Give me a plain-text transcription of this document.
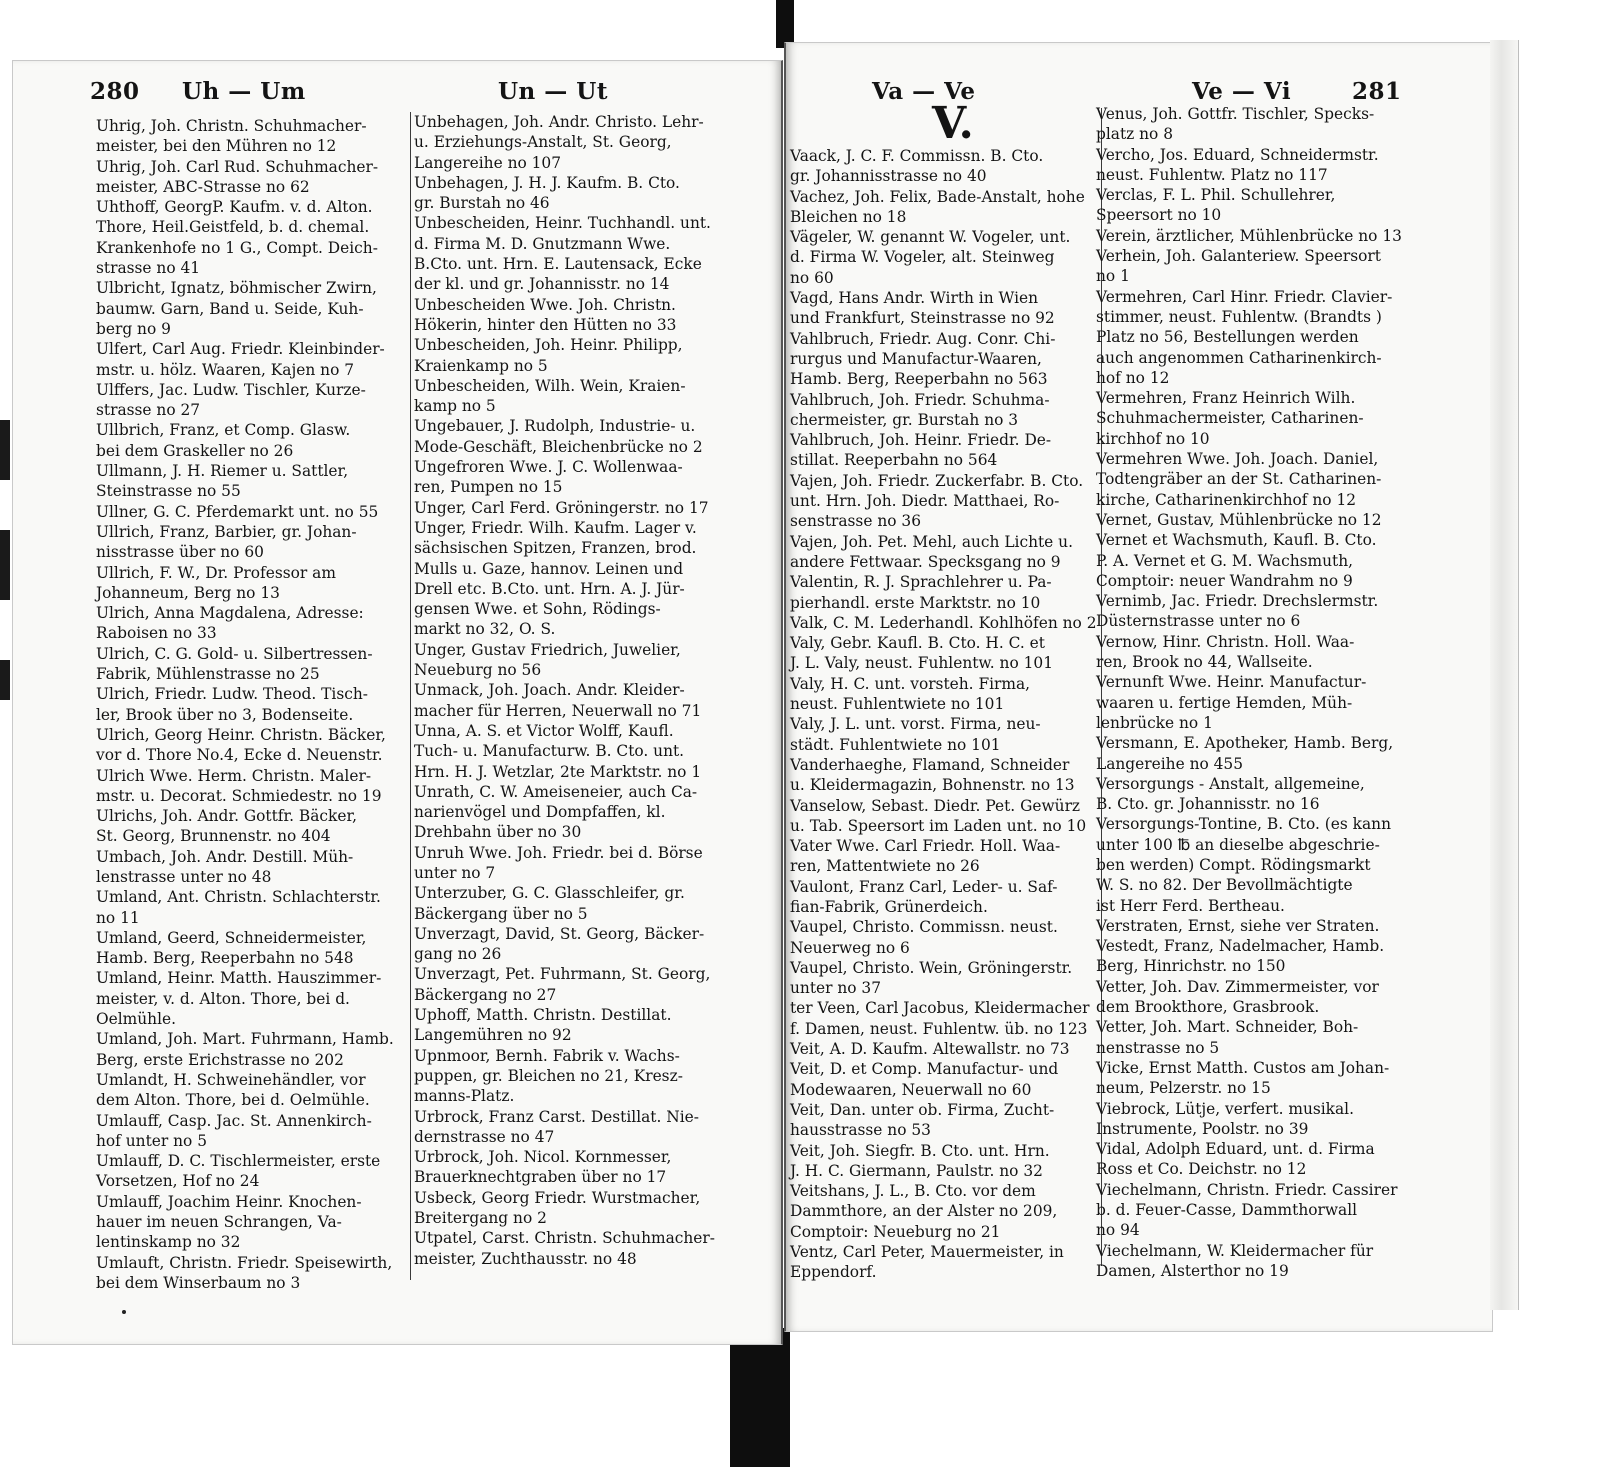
280 Uh — Um	Un — Ut	Va — Ve	Ve — Vi	281
V.
Uhrig, Joh. Christn. Schuhmacher-
meister, bei den Mühren no 12
Uhrig, Joh. Carl Rud. Schuhmacher-
meister, ABC-Strasse no 62
Uhthoff, GeorgP. Kaufm. v. d. Alton.
Thore, Heil.Geistfeld, b. d. chemal.
Krankenhofe no 1 G., Compt. Deich-
strasse no 41
Ulbricht, Ignatz, böhmischer Zwirn,
baumw. Garn, Band u. Seide, Kuh-
berg no 9
Ulfert, Carl Aug. Friedr. Kleinbinder-
mstr. u. hölz. Waaren, Kajen no 7
Ulffers, Jac. Ludw. Tischler, Kurze-
strasse no 27
Ullbrich, Franz, et Comp. Glasw.
bei dem Graskeller no 26
Ullmann, J. H. Riemer u. Sattler,
Steinstrasse no 55
Ullner, G. C. Pferdemarkt unt. no 55
Ullrich, Franz, Barbier, gr. Johan-
nisstrasse über no 60
Ullrich, F. W., Dr. Professor am
Johanneum, Berg no 13
Ulrich, Anna Magdalena, Adresse:
Raboisen no 33
Ulrich, C. G. Gold- u. Silbertressen-
Fabrik, Mühlenstrasse no 25
Ulrich, Friedr. Ludw. Theod. Tisch-
ler, Brook über no 3, Bodenseite.
Ulrich, Georg Heinr. Christn. Bäcker,
vor d. Thore No.4, Ecke d. Neuenstr.
Ulrich Wwe. Herm. Christn. Maler-
mstr. u. Decorat. Schmiedestr. no 19
Ulrichs, Joh. Andr. Gottfr. Bäcker,
St. Georg, Brunnenstr. no 404
Umbach, Joh. Andr. Destill. Müh-
lenstrasse unter no 48
Umland, Ant. Christn. Schlachterstr.
no 11
Umland, Geerd, Schneidermeister,
Hamb. Berg, Reeperbahn no 548
Umland, Heinr. Matth. Hauszimmer-
meister, v. d. Alton. Thore, bei d.
Oelmühle.
Umland, Joh. Mart. Fuhrmann, Hamb.
Berg, erste Erichstrasse no 202
Umlandt, H. Schweinehändler, vor
dem Alton. Thore, bei d. Oelmühle.
Umlauff, Casp. Jac. St. Annenkirch-
hof unter no 5
Umlauff, D. C. Tischlermeister, erste
Vorsetzen, Hof no 24
Umlauff, Joachim Heinr. Knochen-
hauer im neuen Schrangen, Va-
lentinskamp no 32
Umlauft, Christn. Friedr. Speisewirth,
bei dem Winserbaum no 3
Unbehagen, Joh. Andr. Christo. Lehr-
u. Erziehungs-Anstalt, St. Georg,
Langereihe no 107
Unbehagen, J. H. J. Kaufm. B. Cto.
gr. Burstah no 46
Unbescheiden, Heinr. Tuchhandl. unt.
d. Firma M. D. Gnutzmann Wwe.
B.Cto. unt. Hrn. E. Lautensack, Ecke
der kl. und gr. Johannisstr. no 14
Unbescheiden Wwe. Joh. Christn.
Hökerin, hinter den Hütten no 33
Unbescheiden, Joh. Heinr. Philipp,
Kraienkamp no 5
Unbescheiden, Wilh. Wein, Kraien-
kamp no 5
Ungebauer, J. Rudolph, Industrie- u.
Mode-Geschäft, Bleichenbrücke no 2
Ungefroren Wwe. J. C. Wollenwaa-
ren, Pumpen no 15
Unger, Carl Ferd. Gröningerstr. no 17
Unger, Friedr. Wilh. Kaufm. Lager v.
sächsischen Spitzen, Franzen, brod.
Mulls u. Gaze, hannov. Leinen und
Drell etc. B.Cto. unt. Hrn. A. J. Jür-
gensen Wwe. et Sohn, Rödings-
markt no 32, O. S.
Unger, Gustav Friedrich, Juwelier,
Neueburg no 56
Unmack, Joh. Joach. Andr. Kleider-
macher für Herren, Neuerwall no 71
Unna, A. S. et Victor Wolff, Kaufl.
Tuch- u. Manufacturw. B. Cto. unt.
Hrn. H. J. Wetzlar, 2te Marktstr. no 1
Unrath, C. W. Ameiseneier, auch Ca-
narienvögel und Dompfaffen, kl.
Drehbahn über no 30
Unruh Wwe. Joh. Friedr. bei d. Börse
unter no 7
Unterzuber, G. C. Glasschleifer, gr.
Bäckergang über no 5
Unverzagt, David, St. Georg, Bäcker-
gang no 26
Unverzagt, Pet. Fuhrmann, St. Georg,
Bäckergang no 27
Uphoff, Matth. Christn. Destillat.
Langemühren no 92
Upnmoor, Bernh. Fabrik v. Wachs-
puppen, gr. Bleichen no 21, Kresz-
manns-Platz.
Urbrock, Franz Carst. Destillat. Nie-
dernstrasse no 47
Urbrock, Joh. Nicol. Kornmesser,
Brauerknechtgraben über no 17
Usbeck, Georg Friedr. Wurstmacher,
Breitergang no 2
Utpatel, Carst. Christn. Schuhmacher-
meister, Zuchthausstr. no 48
Vaack, J. C. F. Commissn. B. Cto.
gr. Johannisstrasse no 40
Vachez, Joh. Felix, Bade-Anstalt, hohe
Bleichen no 18
Vägeler, W. genannt W. Vogeler, unt.
d. Firma W. Vogeler, alt. Steinweg
no 60
Vagd, Hans Andr. Wirth in Wien
und Frankfurt, Steinstrasse no 92
Vahlbruch, Friedr. Aug. Conr. Chi-
rurgus und Manufactur-Waaren,
Hamb. Berg, Reeperbahn no 563
Vahlbruch, Joh. Friedr. Schuhma-
chermeister, gr. Burstah no 3
Vahlbruch, Joh. Heinr. Friedr. De-
stillat. Reeperbahn no 564
Vajen, Joh. Friedr. Zuckerfabr. B. Cto.
unt. Hrn. Joh. Diedr. Matthaei, Ro-
senstrasse no 36
Vajen, Joh. Pet. Mehl, auch Lichte u.
andere Fettwaar. Specksgang no 9
Valentin, R. J. Sprachlehrer u. Pa-
pierhandl. erste Marktstr. no 10
Valk, C. M. Lederhandl. Kohlhöfen no 2
Valy, Gebr. Kaufl. B. Cto. H. C. et
J. L. Valy, neust. Fuhlentw. no 101
Valy, H. C. unt. vorsteh. Firma,
neust. Fuhlentwiete no 101
Valy, J. L. unt. vorst. Firma, neu-
städt. Fuhlentwiete no 101
Vanderhaeghe, Flamand, Schneider
u. Kleidermagazin, Bohnenstr. no 13
Vanselow, Sebast. Diedr. Pet. Gewürz
u. Tab. Speersort im Laden unt. no 10
Vater Wwe. Carl Friedr. Holl. Waa-
ren, Mattentwiete no 26
Vaulont, Franz Carl, Leder- u. Saf-
fian-Fabrik, Grünerdeich.
Vaupel, Christo. Commissn. neust.
Neuerweg no 6
Vaupel, Christo. Wein, Gröningerstr.
unter no 37
ter Veen, Carl Jacobus, Kleidermacher
f. Damen, neust. Fuhlentw. üb. no 123
Veit, A. D. Kaufm. Altewallstr. no 73
Veit, D. et Comp. Manufactur- und
Modewaaren, Neuerwall no 60
Veit, Dan. unter ob. Firma, Zucht-
hausstrasse no 53
Veit, Joh. Siegfr. B. Cto. unt. Hrn.
J. H. C. Giermann, Paulstr. no 32
Veitshans, J. L., B. Cto. vor dem
Dammthore, an der Alster no 209,
Comptoir: Neueburg no 21
Ventz, Carl Peter, Mauermeister, in
Eppendorf.
Venus, Joh. Gottfr. Tischler, Specks-
platz no 8
Vercho, Jos. Eduard, Schneidermstr.
neust. Fuhlentw. Platz no 117
Verclas, F. L. Phil. Schullehrer,
Speersort no 10
Verein, ärztlicher, Mühlenbrücke no 13
Verhein, Joh. Galanteriew. Speersort
no 1
Vermehren, Carl Hinr. Friedr. Clavier-
stimmer, neust. Fuhlentw. (Brandts )
Platz no 56, Bestellungen werden
auch angenommen Catharinenkirch-
hof no 12
Vermehren, Franz Heinrich Wilh.
Schuhmachermeister, Catharinen-
kirchhof no 10
Vermehren Wwe. Joh. Joach. Daniel,
Todtengräber an der St. Catharinen-
kirche, Catharinenkirchhof no 12
Vernet, Gustav, Mühlenbrücke no 12
Vernet et Wachsmuth, Kaufl. B. Cto.
P. A. Vernet et G. M. Wachsmuth,
Comptoir: neuer Wandrahm no 9
Vernimb, Jac. Friedr. Drechslermstr.
Düsternstrasse unter no 6
Vernow, Hinr. Christn. Holl. Waa-
ren, Brook no 44, Wallseite.
Vernunft Wwe. Heinr. Manufactur-
waaren u. fertige Hemden, Müh-
lenbrücke no 1
Versmann, E. Apotheker, Hamb. Berg,
Langereihe no 455
Versorgungs - Anstalt, allgemeine,
B. Cto. gr. Johannisstr. no 16
Versorgungs-Tontine, B. Cto. (es kann
unter 100 ℔ an dieselbe abgeschrie-
ben werden) Compt. Rödingsmarkt
W. S. no 82. Der Bevollmächtigte
ist Herr Ferd. Bertheau.
Verstraten, Ernst, siehe ver Straten.
Vestedt, Franz, Nadelmacher, Hamb.
Berg, Hinrichstr. no 150
Vetter, Joh. Dav. Zimmermeister, vor
dem Brookthore, Grasbrook.
Vetter, Joh. Mart. Schneider, Boh-
nenstrasse no 5
Vicke, Ernst Matth. Custos am Johan-
neum, Pelzerstr. no 15
Viebrock, Lütje, verfert. musikal.
Instrumente, Poolstr. no 39
Vidal, Adolph Eduard, unt. d. Firma
Ross et Co. Deichstr. no 12
Viechelmann, Christn. Friedr. Cassirer
b. d. Feuer-Casse, Dammthorwall
no 94
Viechelmann, W. Kleidermacher für
Damen, Alsterthor no 19
